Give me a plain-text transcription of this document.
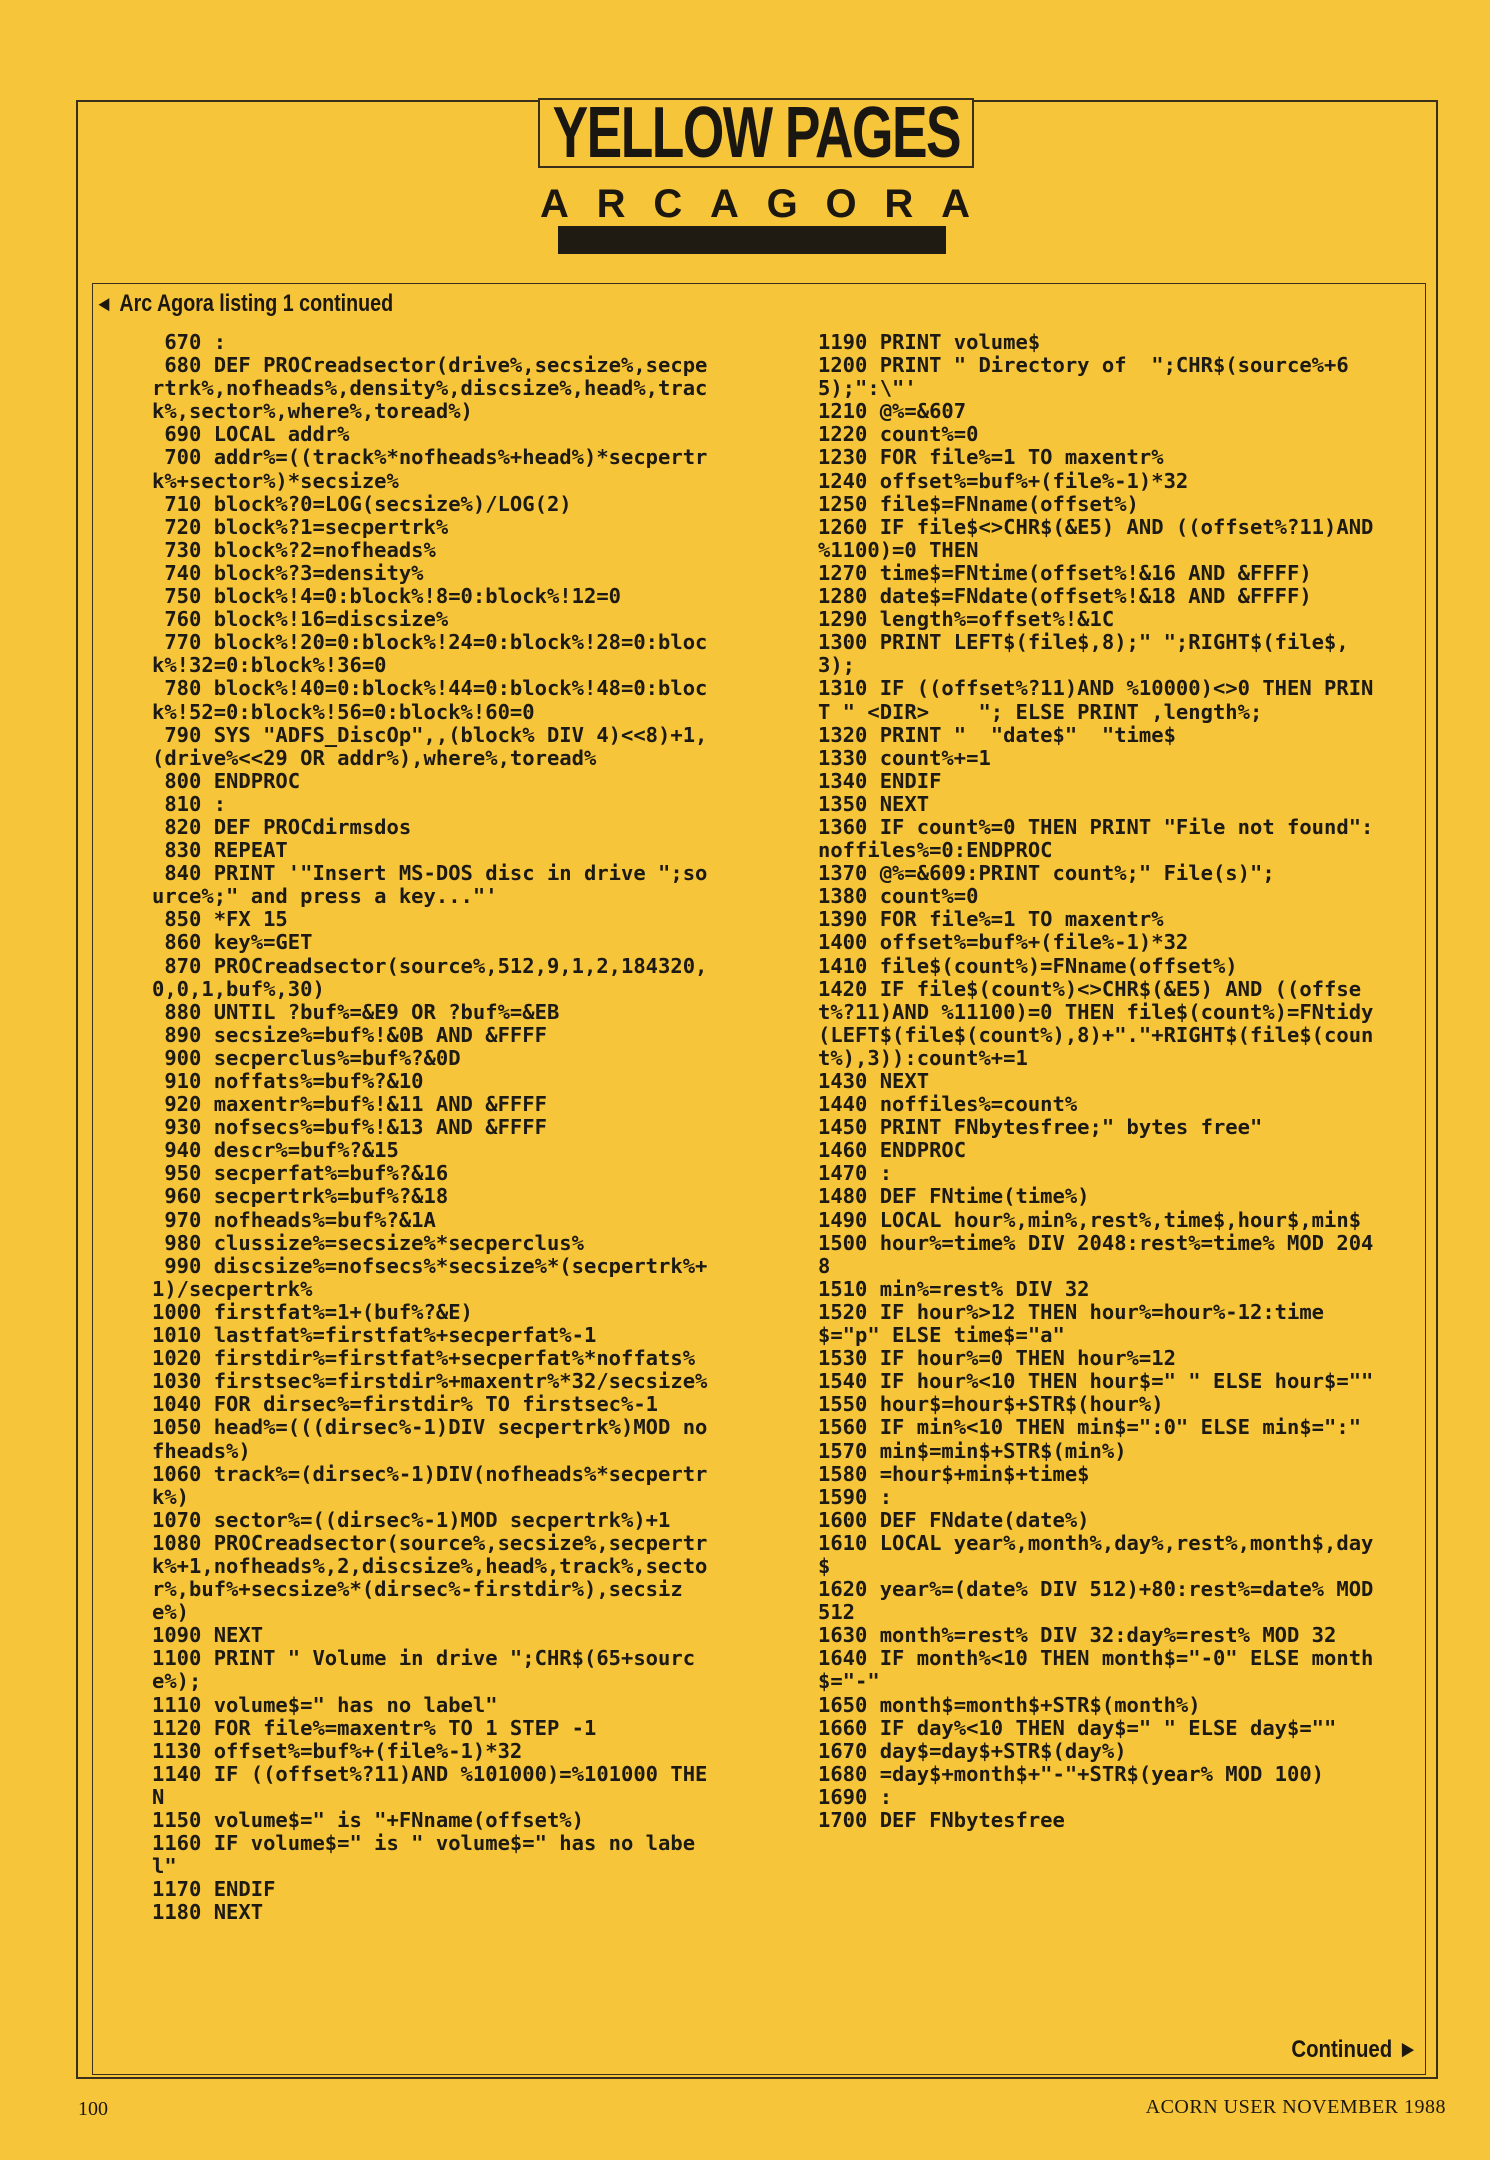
YELLOW PAGES
A R C A G O R A
◄ Arc Agora listing 1 continued
670 :
680 DEF PROCreadsector(drive%,secsize%,secpertrk%,nofheads%,density%,discsize%,head%,track%,sector%,where%,toread%)
690 LOCAL addr%
700 addr%=((track%*nofheads%+head%)*secpertrk%+sector%)*secsize%
710 block%?0=LOG(secsize%)/LOG(2)
720 block%?1=secpertrk%
730 block%?2=nofheads%
740 block%?3=density%
750 block%!4=0:block%!8=0:block%!12=0
760 block%!16=discsize%
770 block%!20=0:block%!24=0:block%!28=0:block%!32=0:block%!36=0
780 block%!40=0:block%!44=0:block%!48=0:block%!52=0:block%!56=0:block%!60=0
790 SYS "ADFS_DiscOp",,(block% DIV 4)<<8)+1,(drive%<<29 OR addr%),where%,toread%
800 ENDPROC
810 :
820 DEF PROCdirmsdos
830 REPEAT
840 PRINT '"Insert MS-DOS disc in drive ";source%;" and press a key..."'
850 *FX 15
860 key%=GET
870 PROCreadsector(source%,512,9,1,2,184320,0,0,1,buf%,30)
880 UNTIL ?buf%=&E9 OR ?buf%=&EB
890 secsize%=buf%!&0B AND &FFFF
900 secperclus%=buf%?&0D
910 noffats%=buf%?&10
920 maxentr%=buf%!&11 AND &FFFF
930 nofsecs%=buf%!&13 AND &FFFF
940 descr%=buf%?&15
950 secperfat%=buf%?&16
960 secpertrk%=buf%?&18
970 nofheads%=buf%?&1A
980 clussize%=secsize%*secperclus%
990 discsize%=nofsecs%*secsize%*(secpertrk%+1)/secpertrk%
1000 firstfat%=1+(buf%?&E)
1010 lastfat%=firstfat%+secperfat%-1
1020 firstdir%=firstfat%+secperfat%*noffats%
1030 firstsec%=firstdir%+maxentr%*32/secsize%
1040 FOR dirsec%=firstdir% TO firstsec%-1
1050 head%=(((dirsec%-1)DIV secpertrk%)MOD nofheads%)
1060 track%=(dirsec%-1)DIV(nofheads%*secpertrk%)
1070 sector%=((dirsec%-1)MOD secpertrk%)+1
1080 PROCreadsector(source%,secsize%,secpertrk%+1,nofheads%,2,discsize%,head%,track%,sector%,buf%+secsize%*(dirsec%-firstdir%),secsize%)
1090 NEXT
1100 PRINT " Volume in drive ";CHR$(65+source%);
1110 volume$=" has no label"
1120 FOR file%=maxentr% TO 1 STEP -1
1130 offset%=buf%+(file%-1)*32
1140 IF ((offset%?11)AND %101000)=%101000 THEN
1150 volume$=" is "+FNname(offset%)
1160 IF volume$=" is " volume$=" has no label"
1170 ENDIF
1180 NEXT
1190 PRINT volume$
1200 PRINT " Directory of  ";CHR$(source%+65);":\"'
1210 @%=&607
1220 count%=0
1230 FOR file%=1 TO maxentr%
1240 offset%=buf%+(file%-1)*32
1250 file$=FNname(offset%)
1260 IF file$<>CHR$(&E5) AND ((offset%?11)AND %1100)=0 THEN
1270 time$=FNtime(offset%!&16 AND &FFFF)
1280 date$=FNdate(offset%!&18 AND &FFFF)
1290 length%=offset%!&1C
1300 PRINT LEFT$(file$,8);" ";RIGHT$(file$,3);
1310 IF ((offset%?11)AND %10000)<>0 THEN PRINT " <DIR>    "; ELSE PRINT ,length%;
1320 PRINT "  "date$"  "time$
1330 count%+=1
1340 ENDIF
1350 NEXT
1360 IF count%=0 THEN PRINT "File not found":noffiles%=0:ENDPROC
1370 @%=&609:PRINT count%;" File(s)";
1380 count%=0
1390 FOR file%=1 TO maxentr%
1400 offset%=buf%+(file%-1)*32
1410 file$(count%)=FNname(offset%)
1420 IF file$(count%)<>CHR$(&E5) AND ((offset%?11)AND %11100)=0 THEN file$(count%)=FNtidy(LEFT$(file$(count%),8)+"."+RIGHT$(file$(count%),3)):count%+=1
1430 NEXT
1440 noffiles%=count%
1450 PRINT FNbytesfree;" bytes free"
1460 ENDPROC
1470 :
1480 DEF FNtime(time%)
1490 LOCAL hour%,min%,rest%,time$,hour$,min$
1500 hour%=time% DIV 2048:rest%=time% MOD 2048
1510 min%=rest% DIV 32
1520 IF hour%>12 THEN hour%=hour%-12:time$="p" ELSE time$="a"
1530 IF hour%=0 THEN hour%=12
1540 IF hour%<10 THEN hour$=" " ELSE hour$=""
1550 hour$=hour$+STR$(hour%)
1560 IF min%<10 THEN min$=":0" ELSE min$=":"
1570 min$=min$+STR$(min%)
1580 =hour$+min$+time$
1590 :
1600 DEF FNdate(date%)
1610 LOCAL year%,month%,day%,rest%,month$,day$
1620 year%=(date% DIV 512)+80:rest%=date% MOD 512
1630 month%=rest% DIV 32:day%=rest% MOD 32
1640 IF month%<10 THEN month$="-0" ELSE month$="-"
1650 month$=month$+STR$(month%)
1660 IF day%<10 THEN day$=" " ELSE day$=""
1670 day$=day$+STR$(day%)
1680 =day$+month$+"-"+STR$(year% MOD 100)
1690 :
1700 DEF FNbytesfree
Continued ►
100	ACORN USER NOVEMBER 1988
